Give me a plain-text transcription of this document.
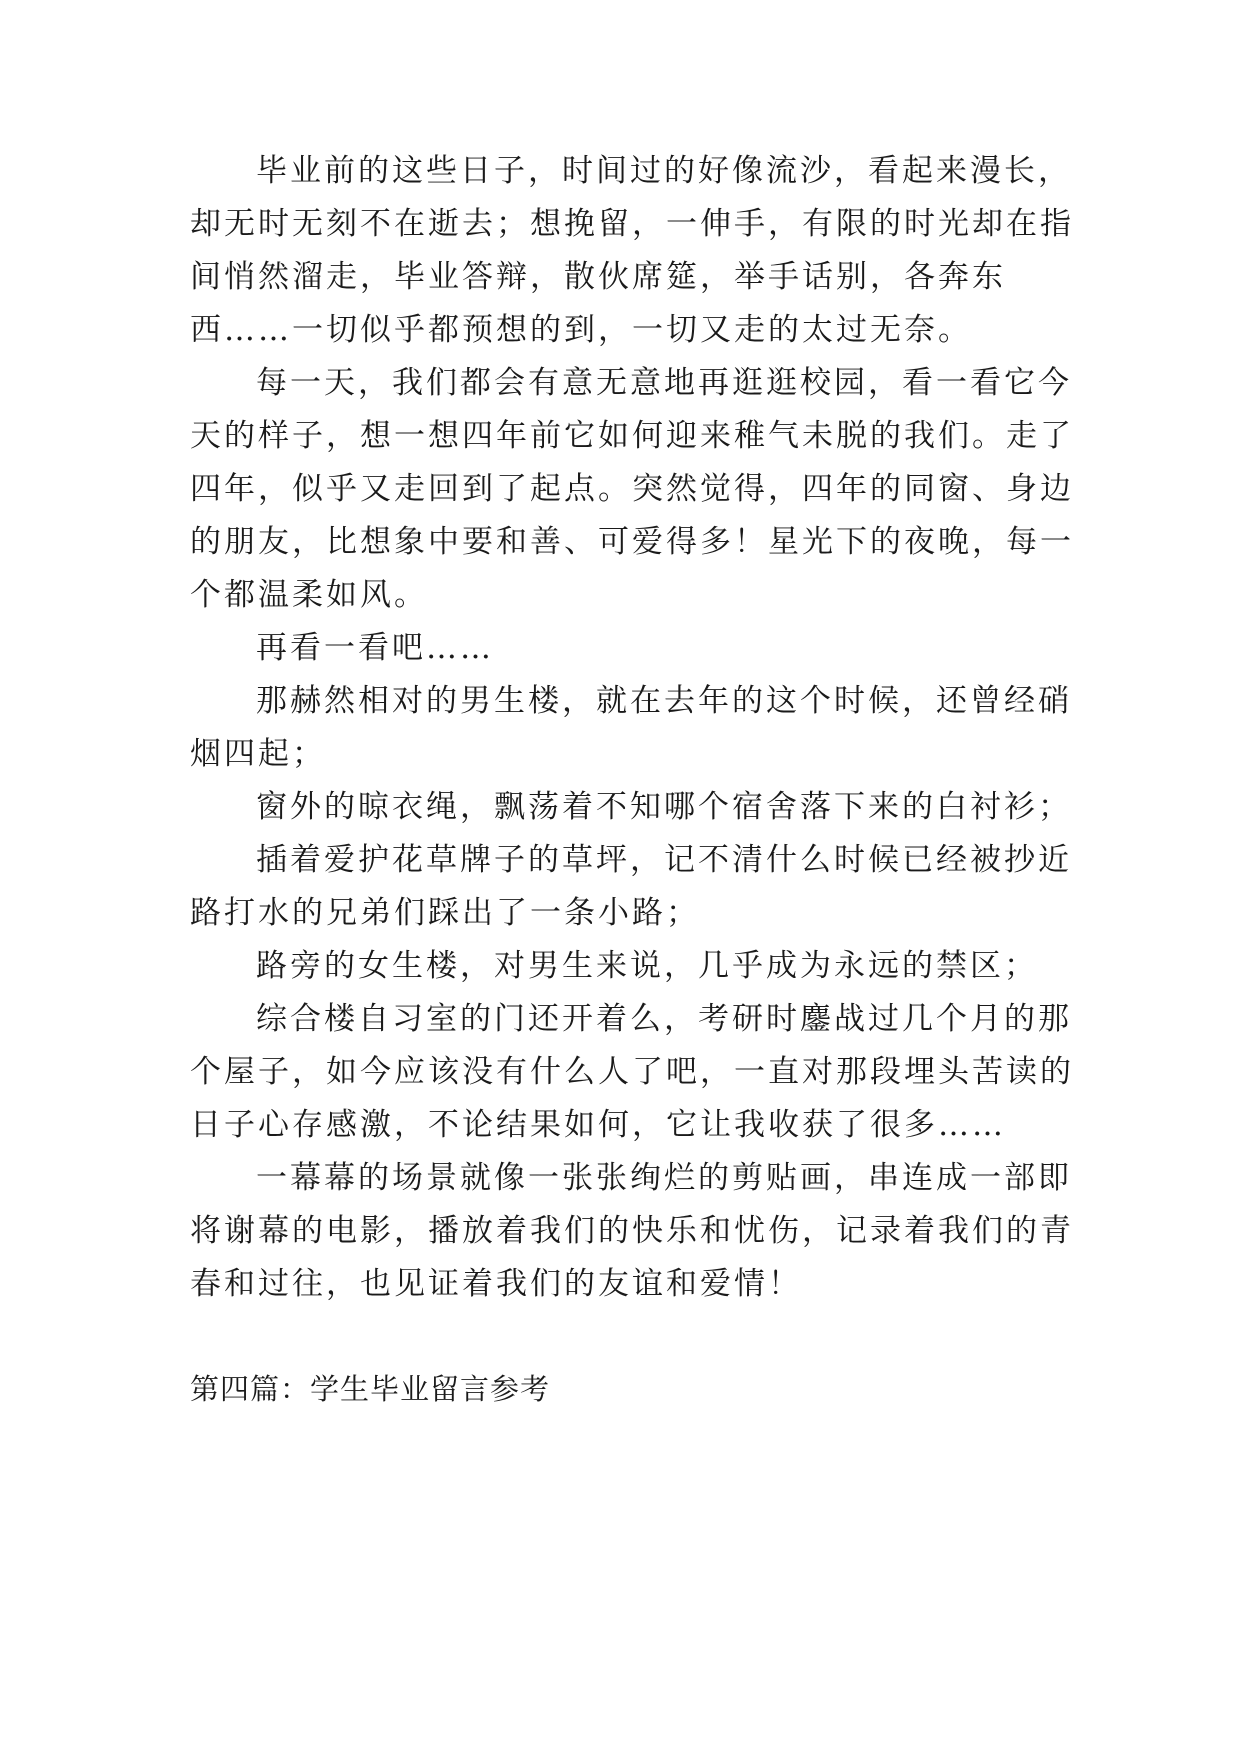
毕业前的这些日子，时间过的好像流沙，看起来漫长，
却无时无刻不在逝去；想挽留，一伸手，有限的时光却在指
间悄然溜走，毕业答辩，散伙席筵，举手话别，各奔东
西……一切似乎都预想的到，一切又走的太过无奈。
每一天，我们都会有意无意地再逛逛校园，看一看它今
天的样子，想一想四年前它如何迎来稚气未脱的我们。走了
四年，似乎又走回到了起点。突然觉得，四年的同窗、身边
的朋友，比想象中要和善、可爱得多！星光下的夜晚，每一
个都温柔如风。
再看一看吧……
那赫然相对的男生楼，就在去年的这个时候，还曾经硝
烟四起；
窗外的晾衣绳，飘荡着不知哪个宿舍落下来的白衬衫；
插着爱护花草牌子的草坪，记不清什么时候已经被抄近
路打水的兄弟们踩出了一条小路；
路旁的女生楼，对男生来说，几乎成为永远的禁区；
综合楼自习室的门还开着么，考研时鏖战过几个月的那
个屋子，如今应该没有什么人了吧，一直对那段埋头苦读的
日子心存感激，不论结果如何，它让我收获了很多……
一幕幕的场景就像一张张绚烂的剪贴画，串连成一部即
将谢幕的电影，播放着我们的快乐和忧伤，记录着我们的青
春和过往，也见证着我们的友谊和爱情！
第四篇：学生毕业留言参考
